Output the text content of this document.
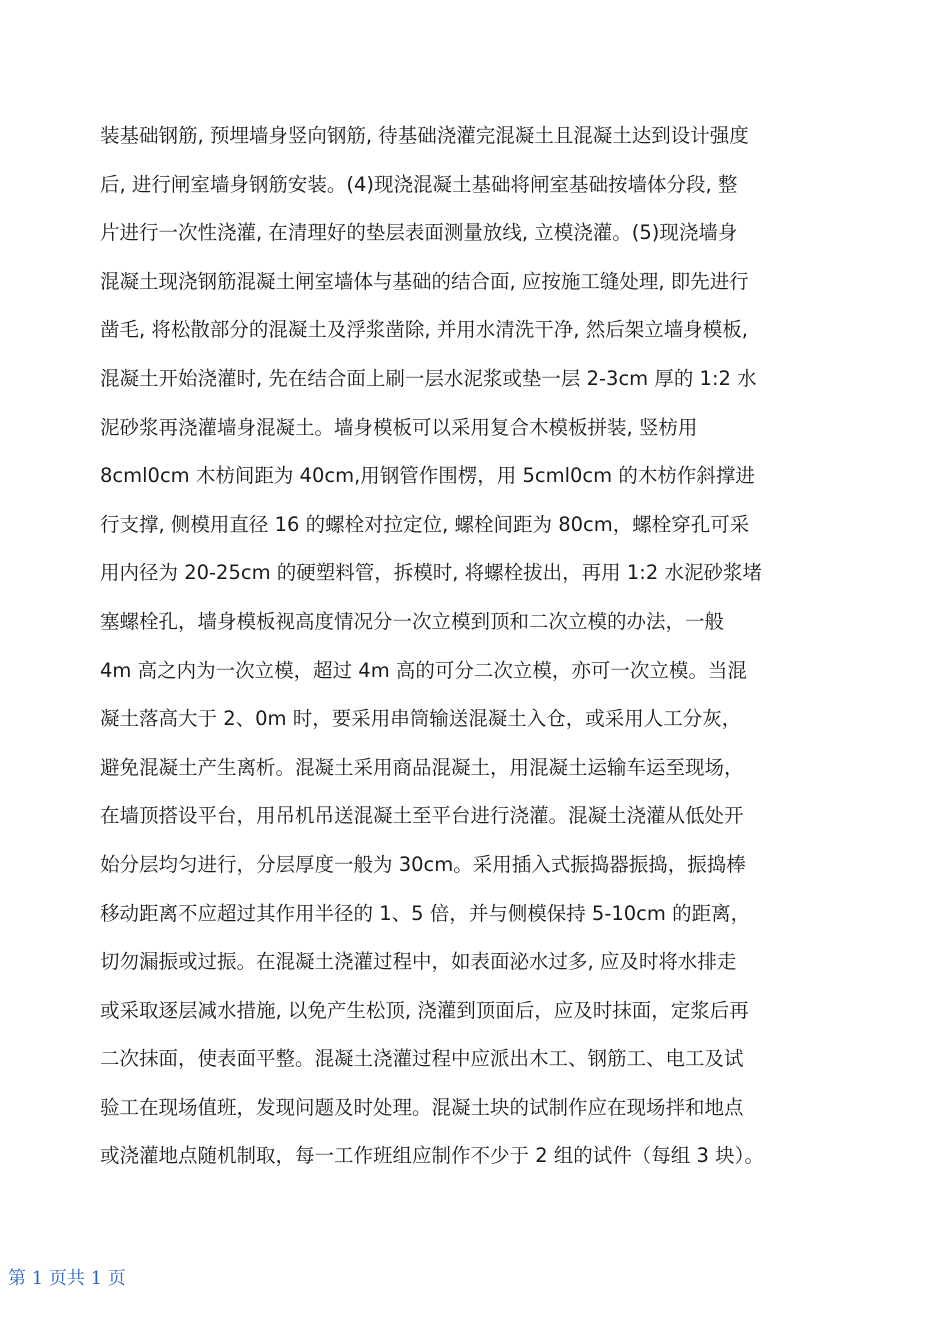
装基础钢筋, 预埋墙身竖向钢筋, 待基础浇灌完混凝土且混凝土达到设计强度
后, 进行闸室墙身钢筋安装。(4)现浇混凝土基础将闸室基础按墙体分段, 整
片进行一次性浇灌, 在清理好的垫层表面测量放线, 立模浇灌。(5)现浇墙身
混凝土现浇钢筋混凝土闸室墙体与基础的结合面, 应按施工缝处理, 即先进行
凿毛, 将松散部分的混凝土及浮浆凿除, 并用水清洗干净, 然后架立墙身模板,
混凝土开始浇灌时, 先在结合面上刷一层水泥浆或垫一层 2-3cm 厚的 1:2 水
泥砂浆再浇灌墙身混凝土。墙身模板可以采用复合木模板拼装, 竖枋用
8cml0cm 木枋间距为 40cm,用钢管作围楞，用 5cml0cm 的木枋作斜撑进
行支撑, 侧模用直径 16 的螺栓对拉定位, 螺栓间距为 80cm，螺栓穿孔可采
用内径为 20-25cm 的硬塑料管，拆模时, 将螺栓拔出，再用 1:2 水泥砂浆堵
塞螺栓孔，墙身模板视高度情况分一次立模到顶和二次立模的办法，一般
4m 高之内为一次立模，超过 4m 高的可分二次立模，亦可一次立模。当混
凝土落高大于 2、0m 时，要采用串筒输送混凝土入仓，或采用人工分灰，
避免混凝土产生离析。混凝土采用商品混凝土，用混凝土运输车运至现场，
在墙顶搭设平台，用吊机吊送混凝土至平台进行浇灌。混凝土浇灌从低处开
始分层均匀进行，分层厚度一般为 30cm。采用插入式振捣器振捣，振捣棒
移动距离不应超过其作用半径的 1、5 倍，并与侧模保持 5-10cm 的距离，
切勿漏振或过振。在混凝土浇灌过程中，如表面泌水过多, 应及时将水排走
或采取逐层减水措施, 以免产生松顶, 浇灌到顶面后，应及时抹面，定浆后再
二次抹面，使表面平整。混凝土浇灌过程中应派出木工、钢筋工、电工及试
验工在现场值班，发现问题及时处理。混凝土块的试制作应在现场拌和地点
或浇灌地点随机制取，每一工作班组应制作不少于 2 组的试件（每组 3 块）。
第 1 页共 1 页
